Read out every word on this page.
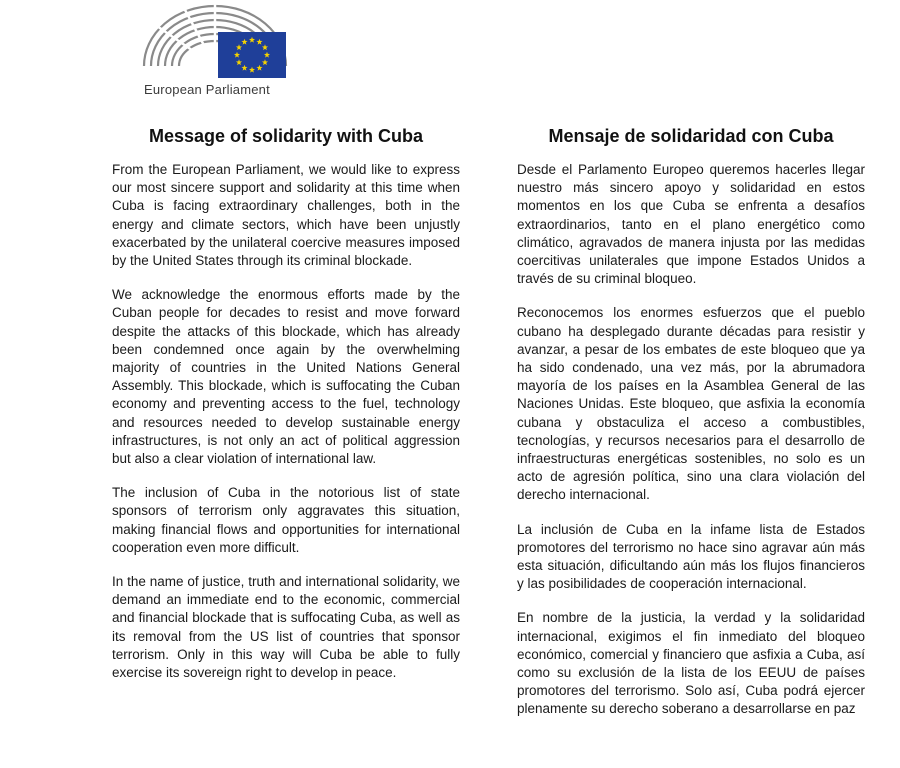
European Parliament
Message of solidarity with Cuba

From the European Parliament, we would like to express our most sincere support and solidarity at this time when Cuba is facing extraordinary challenges, both in the energy and climate sectors, which have been unjustly exacerbated by the unilateral coercive measures imposed by the United States through its criminal blockade.

We acknowledge the enormous efforts made by the Cuban people for decades to resist and move forward despite the attacks of this blockade, which has already been condemned once again by the overwhelming majority of countries in the United Nations General Assembly. This blockade, which is suffocating the Cuban economy and preventing access to the fuel, technology and resources needed to develop sustainable energy infrastructures, is not only an act of political aggression but also a clear violation of international law.

The inclusion of Cuba in the notorious list of state sponsors of terrorism only aggravates this situation, making financial flows and opportunities for international cooperation even more difficult.

In the name of justice, truth and international solidarity, we demand an immediate end to the economic, commercial and financial blockade that is suffocating Cuba, as well as its removal from the US list of countries that sponsor terrorism. Only in this way will Cuba be able to fully exercise its sovereign right to develop in peace.

Mensaje de solidaridad con Cuba

Desde el Parlamento Europeo queremos hacerles llegar nuestro más sincero apoyo y solidaridad en estos momentos en los que Cuba se enfrenta a desafíos extraordinarios, tanto en el plano energético como climático, agravados de manera injusta por las medidas coercitivas unilaterales que impone Estados Unidos a través de su criminal bloqueo.

Reconocemos los enormes esfuerzos que el pueblo cubano ha desplegado durante décadas para resistir y avanzar, a pesar de los embates de este bloqueo que ya ha sido condenado, una vez más, por la abrumadora mayoría de los países en la Asamblea General de las Naciones Unidas. Este bloqueo, que asfixia la economía cubana y obstaculiza el acceso a combustibles, tecnologías, y recursos necesarios para el desarrollo de infraestructuras energéticas sostenibles, no solo es un acto de agresión política, sino una clara violación del derecho internacional.

La inclusión de Cuba en la infame lista de Estados promotores del terrorismo no hace sino agravar aún más esta situación, dificultando aún más los flujos financieros y las posibilidades de cooperación internacional.

En nombre de la justicia, la verdad y la solidaridad internacional, exigimos el fin inmediato del bloqueo económico, comercial y financiero que asfixia a Cuba, así como su exclusión de la lista de los EEUU de países promotores del terrorismo. Solo así, Cuba podrá ejercer plenamente su derecho soberano a desarrollarse en paz
